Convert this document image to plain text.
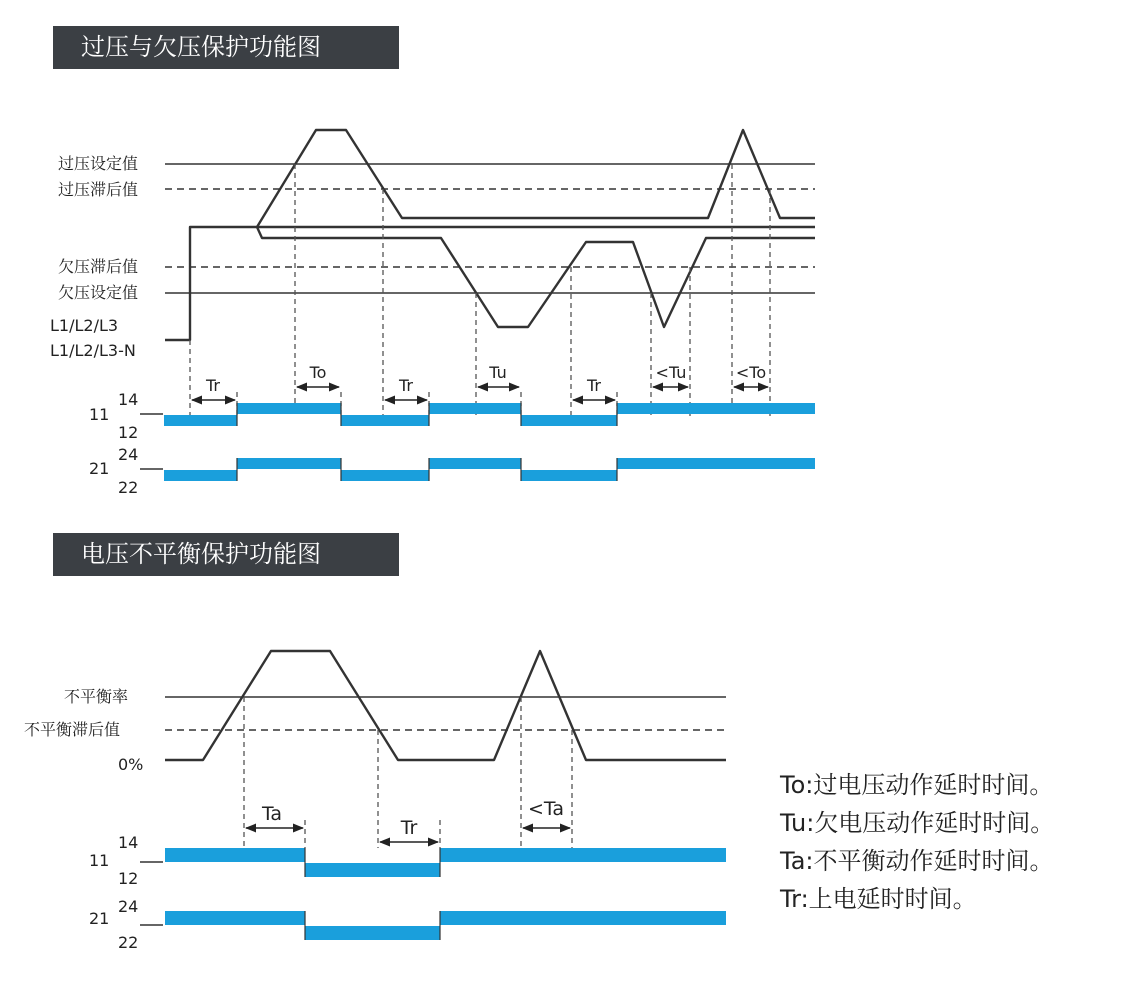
过压与欠压保护功能图
电压不平衡保护功能图
过压设定值
过压滞后值
欠压滞后值
欠压设定值
L1/L2/L3
L1/L2/L3-N
Tr
To
Tr
Tu
Tr
<Tu	<To
14
11
12
24
21
22
不平衡率
不平衡滞后值
0%
Ta
Tr
<Ta
14
11
12
24
21
22
To:过电压动作延时时间。
Tu:欠电压动作延时时间。
Ta:不平衡动作延时时间。
Tr:上电延时时间。
